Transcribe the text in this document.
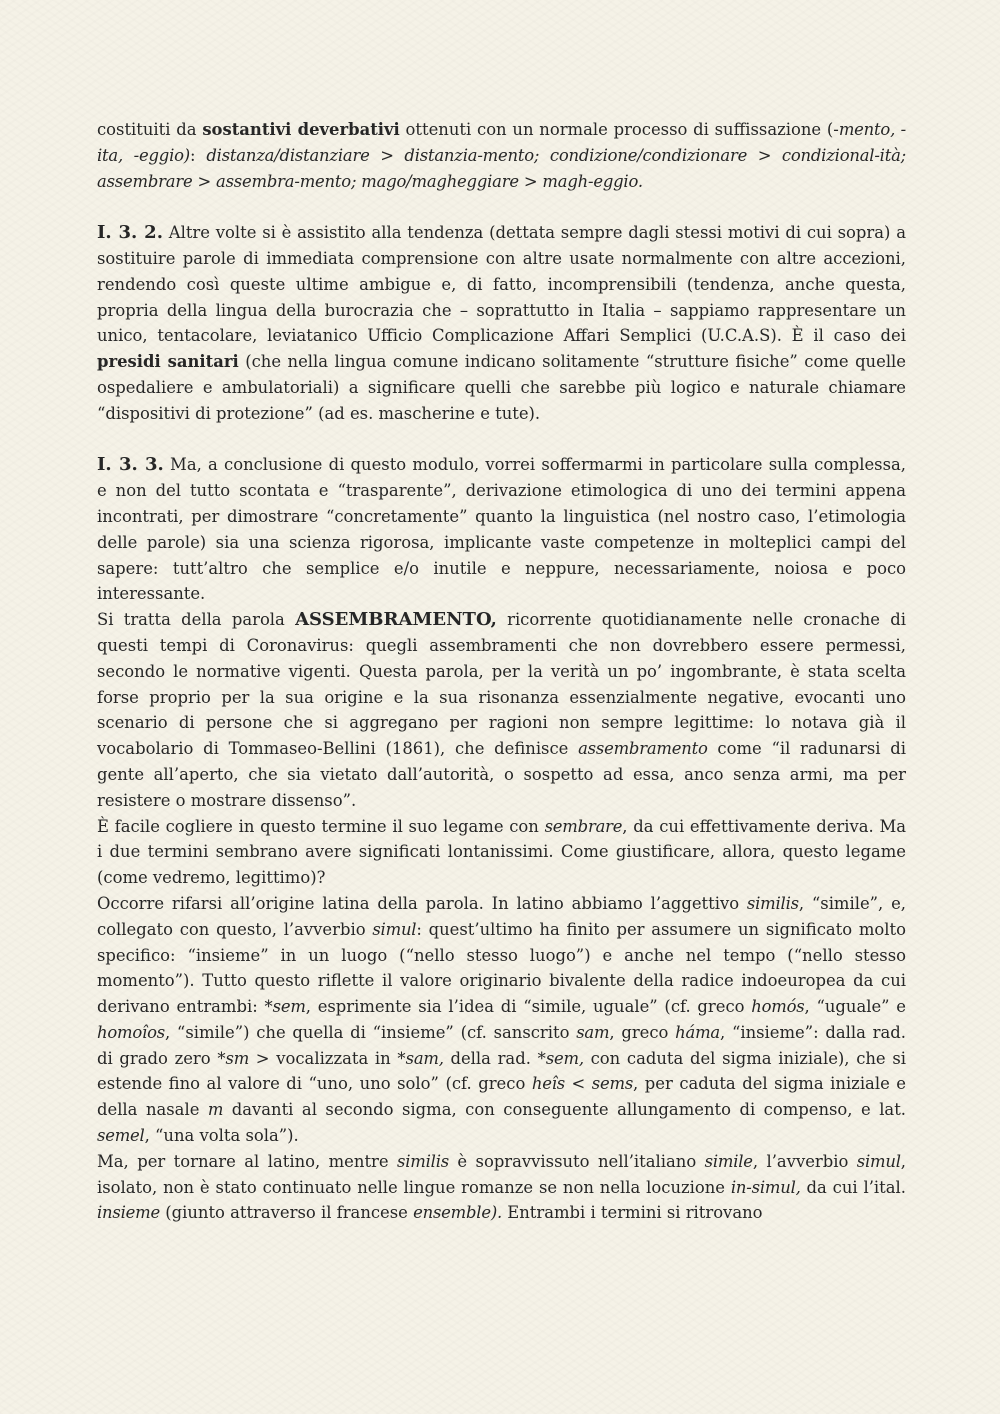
costituiti da sostantivi deverbativi ottenuti con un normale processo di suffissazione (-mento, -ita, -eggio): distanza/distanziare > distanzia-mento; condizione/condizionare > condizional-ità; assembrare > assembra-mento; mago/magheggiare > magh-eggio.

I. 3. 2. Altre volte si è assistito alla tendenza (dettata sempre dagli stessi motivi di cui sopra) a sostituire parole di immediata comprensione con altre usate normalmente con altre accezioni, rendendo così queste ultime ambigue e, di fatto, incomprensibili (tendenza, anche questa, propria della lingua della burocrazia che – soprattutto in Italia – sappiamo rappresentare un unico, tentacolare, leviatanico Ufficio Complicazione Affari Semplici (U.C.A.S). È il caso dei presidi sanitari (che nella lingua comune indicano solitamente “strutture fisiche” come quelle ospedaliere e ambulatoriali) a significare quelli che sarebbe più logico e naturale chiamare “dispositivi di protezione” (ad es. mascherine e tute).

I. 3. 3. Ma, a conclusione di questo modulo, vorrei soffermarmi in particolare sulla complessa, e non del tutto scontata e “trasparente”, derivazione etimologica di uno dei termini appena incontrati, per dimostrare “concretamente” quanto la linguistica (nel nostro caso, l’etimologia delle parole) sia una scienza rigorosa, implicante vaste competenze in molteplici campi del sapere: tutt’altro che semplice e/o inutile e neppure, necessariamente, noiosa e poco interessante.

Si tratta della parola ASSEMBRAMENTO, ricorrente quotidianamente nelle cronache di questi tempi di Coronavirus: quegli assembramenti che non dovrebbero essere permessi, secondo le normative vigenti. Questa parola, per la verità un po’ ingombrante, è stata scelta forse proprio per la sua origine e la sua risonanza essenzialmente negative, evocanti uno scenario di persone che si aggregano per ragioni non sempre legittime: lo notava già il vocabolario di Tommaseo-Bellini (1861), che definisce assembramento come “il radunarsi di gente all’aperto, che sia vietato dall’autorità, o sospetto ad essa, anco senza armi, ma per resistere o mostrare dissenso”.

È facile cogliere in questo termine il suo legame con sembrare, da cui effettivamente deriva. Ma i due termini sembrano avere significati lontanissimi. Come giustificare, allora, questo legame (come vedremo, legittimo)?

Occorre rifarsi all’origine latina della parola. In latino abbiamo l’aggettivo similis, “simile”, e, collegato con questo, l’avverbio simul: quest’ultimo ha finito per assumere un significato molto specifico: “insieme” in un luogo (“nello stesso luogo”) e anche nel tempo (“nello stesso momento”). Tutto questo riflette il valore originario bivalente della radice indoeuropea da cui derivano entrambi: *sem, esprimente sia l’idea di “simile, uguale” (cf. greco homós, “uguale” e homoîos, “simile”) che quella di “insieme” (cf. sanscrito sam, greco háma, “insieme”: dalla rad. di grado zero *sm > vocalizzata in *sam, della rad. *sem, con caduta del sigma iniziale), che si estende fino al valore di “uno, uno solo” (cf. greco heîs < sems, per caduta del sigma iniziale e della nasale m davanti al secondo sigma, con conseguente allungamento di compenso, e lat. semel, “una volta sola”).

Ma, per tornare al latino, mentre similis è sopravvissuto nell’italiano simile, l’avverbio simul, isolato, non è stato continuato nelle lingue romanze se non nella locuzione in-simul, da cui l’ital. insieme (giunto attraverso il francese ensemble). Entrambi i termini si ritrovano
